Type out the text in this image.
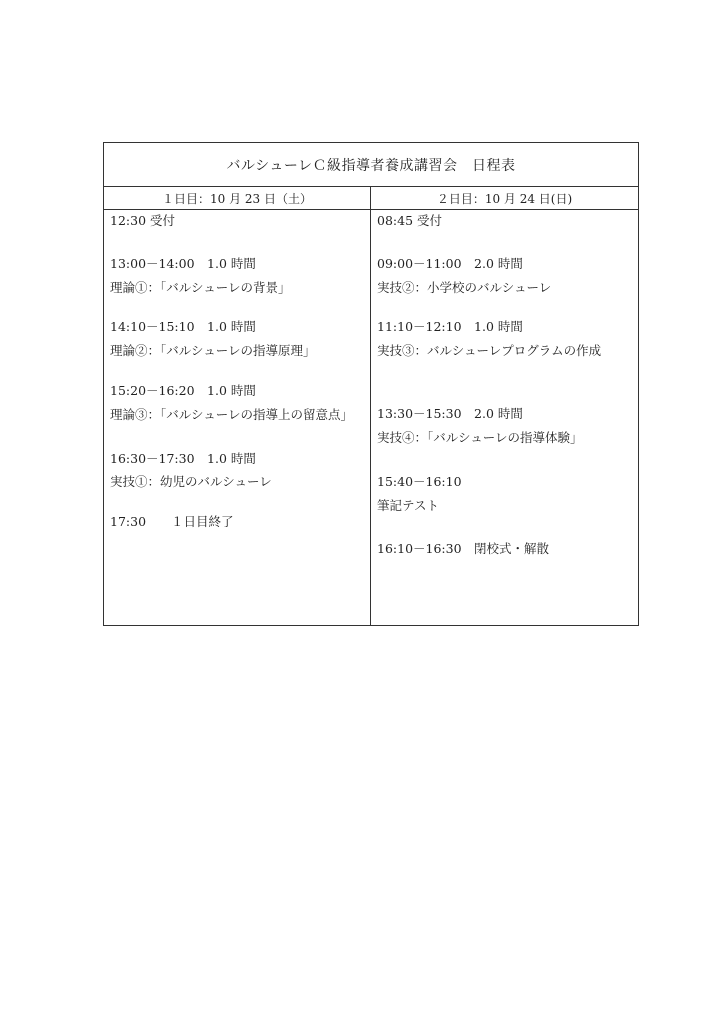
バルシューレＣ級指導者養成講習会　日程表
１日目：10 月 23 日（土）	２日目：10 月 24 日(日)
12:30 受付
13:00－14:00　1.0 時間
理論①：「バルシューレの背景」
14:10－15:10　1.0 時間
理論②：「バルシューレの指導原理」
15:20－16:20　1.0 時間
理論③：「バルシューレの指導上の留意点」
16:30－17:30　1.0 時間
実技①：幼児のバルシューレ
17:30　　１日目終了
08:45 受付
09:00－11:00　2.0 時間
実技②：小学校のバルシューレ
11:10－12:10　1.0 時間
実技③：バルシューレプログラムの作成
13:30－15:30　2.0 時間
実技④：「バルシューレの指導体験」
15:40－16:10
筆記テスト
16:10－16:30　閉校式・解散
